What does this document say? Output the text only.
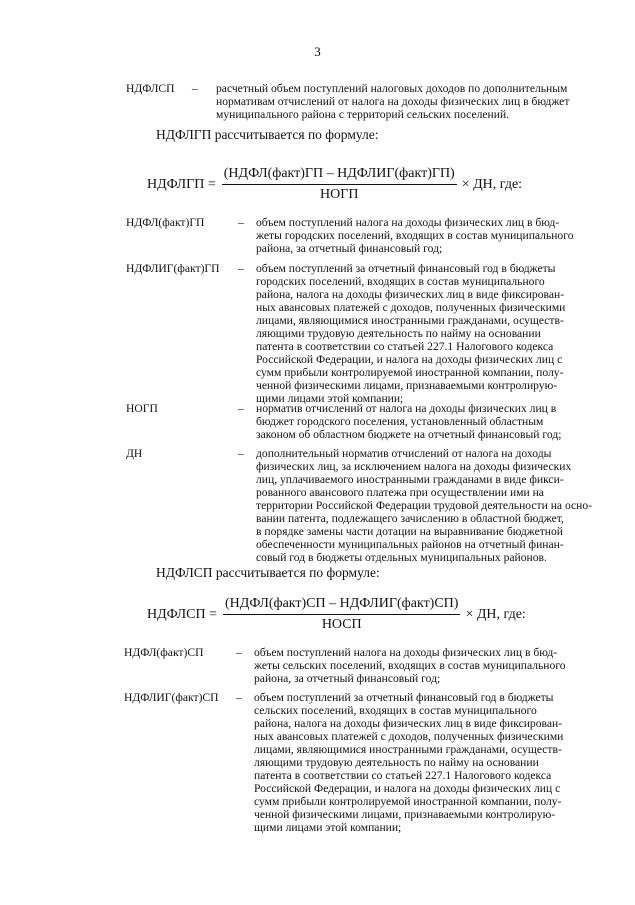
3
НДФЛСП – расчетный объем поступлений налоговых доходов по дополнительным
нормативам отчислений от налога на доходы физических лиц в бюджет
муниципального района с территорий сельских поселений.
НДФЛГП рассчитывается по формуле:
НДФЛГП = $\frac{\text{(НДФЛ(факт)ГП – НДФЛИГ(факт)ГП)}}{\text{НОГП}}$ × ДН, где:
НДФЛ(факт)ГП	– объем поступлений налога на доходы физических лиц в бюд-
жеты городских поселений, входящих в состав муниципального
района, за отчетный финансовый год;
НДФЛИГ(факт)ГП – объем поступлений за отчетный финансовый год в бюджеты
городских поселений, входящих в состав муниципального
района, налога на доходы физических лиц в виде фиксирован-
ных авансовых платежей с доходов, полученных физическими
лицами, являющимися иностранными гражданами, осуществ-
ляющими трудовую деятельность по найму на основании
патента в соответствии со статьей 227.1 Налогового кодекса
Российской Федерации, и налога на доходы физических лиц с
сумм прибыли контролируемой иностранной компании, полу-
ченной физическими лицами, признаваемыми контролирую-
щими лицами этой компании;
НОГП	– норматив отчислений от налога на доходы физических лиц в
бюджет городского поселения, установленный областным
законом об областном бюджете на отчетный финансовый год;
ДН	– дополнительный норматив отчислений от налога на доходы
физических лиц, за исключением налога на доходы физических
лиц, уплачиваемого иностранными гражданами в виде фикси-
рованного авансового платежа при осуществлении ими на
территории Российской Федерации трудовой деятельности на осно-
вании патента, подлежащего зачислению в областной бюджет,
в порядке замены части дотации на выравнивание бюджетной
обеспеченности муниципальных районов на отчетный финан-
совый год в бюджеты отдельных муниципальных районов.
НДФЛСП рассчитывается по формуле:
НДФЛСП = $\frac{\text{(НДФЛ(факт)СП – НДФЛИГ(факт)СП)}}{\text{НОСП}}$ × ДН, где:
НДФЛ(факт)СП	– объем поступлений налога на доходы физических лиц в бюд-
жеты сельских поселений, входящих в состав муниципального
района, за отчетный финансовый год;
НДФЛИГ(факт)СП – объем поступлений за отчетный финансовый год в бюджеты
сельских поселений, входящих в состав муниципального
района, налога на доходы физических лиц в виде фиксирован-
ных авансовых платежей с доходов, полученных физическими
лицами, являющимися иностранными гражданами, осуществ-
ляющими трудовую деятельность по найму на основании
патента в соответствии со статьей 227.1 Налогового кодекса
Российской Федерации, и налога на доходы физических лиц с
сумм прибыли контролируемой иностранной компании, полу-
ченной физическими лицами, признаваемыми контролирую-
щими лицами этой компании;
